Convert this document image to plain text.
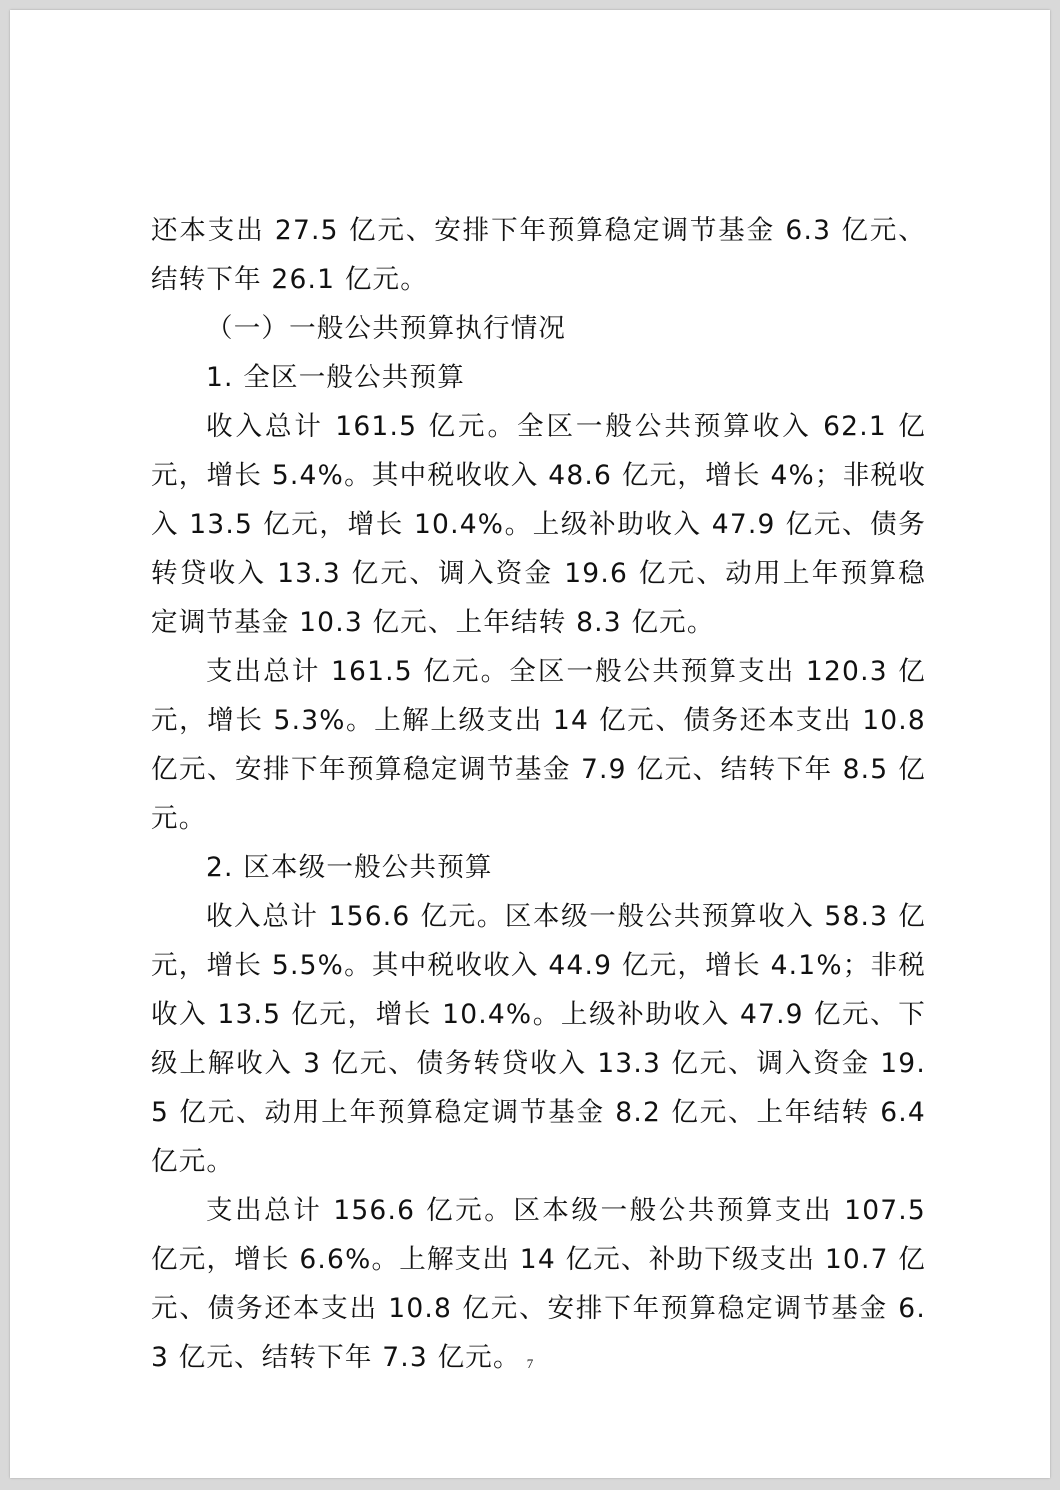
还本支出 27.5 亿元、安排下年预算稳定调节基金 6.3 亿元、结转下年 26.1 亿元。

（一）一般公共预算执行情况

1. 全区一般公共预算

收入总计 161.5 亿元。全区一般公共预算收入 62.1 亿元，增长 5.4%。其中税收收入 48.6 亿元，增长 4%；非税收入 13.5 亿元，增长 10.4%。上级补助收入 47.9 亿元、债务转贷收入 13.3 亿元、调入资金 19.6 亿元、动用上年预算稳定调节基金 10.3 亿元、上年结转 8.3 亿元。

支出总计 161.5 亿元。全区一般公共预算支出 120.3 亿元，增长 5.3%。上解上级支出 14 亿元、债务还本支出 10.8 亿元、安排下年预算稳定调节基金 7.9 亿元、结转下年 8.5 亿元。

2. 区本级一般公共预算

收入总计 156.6 亿元。区本级一般公共预算收入 58.3 亿元，增长 5.5%。其中税收收入 44.9 亿元，增长 4.1%；非税收入 13.5 亿元，增长 10.4%。上级补助收入 47.9 亿元、下级上解收入 3 亿元、债务转贷收入 13.3 亿元、调入资金 19.5 亿元、动用上年预算稳定调节基金 8.2 亿元、上年结转 6.4 亿元。

支出总计 156.6 亿元。区本级一般公共预算支出 107.5 亿元，增长 6.6%。上解支出 14 亿元、补助下级支出 10.7 亿元、债务还本支出 10.8 亿元、安排下年预算稳定调节基金 6.3 亿元、结转下年 7.3 亿元。 7
